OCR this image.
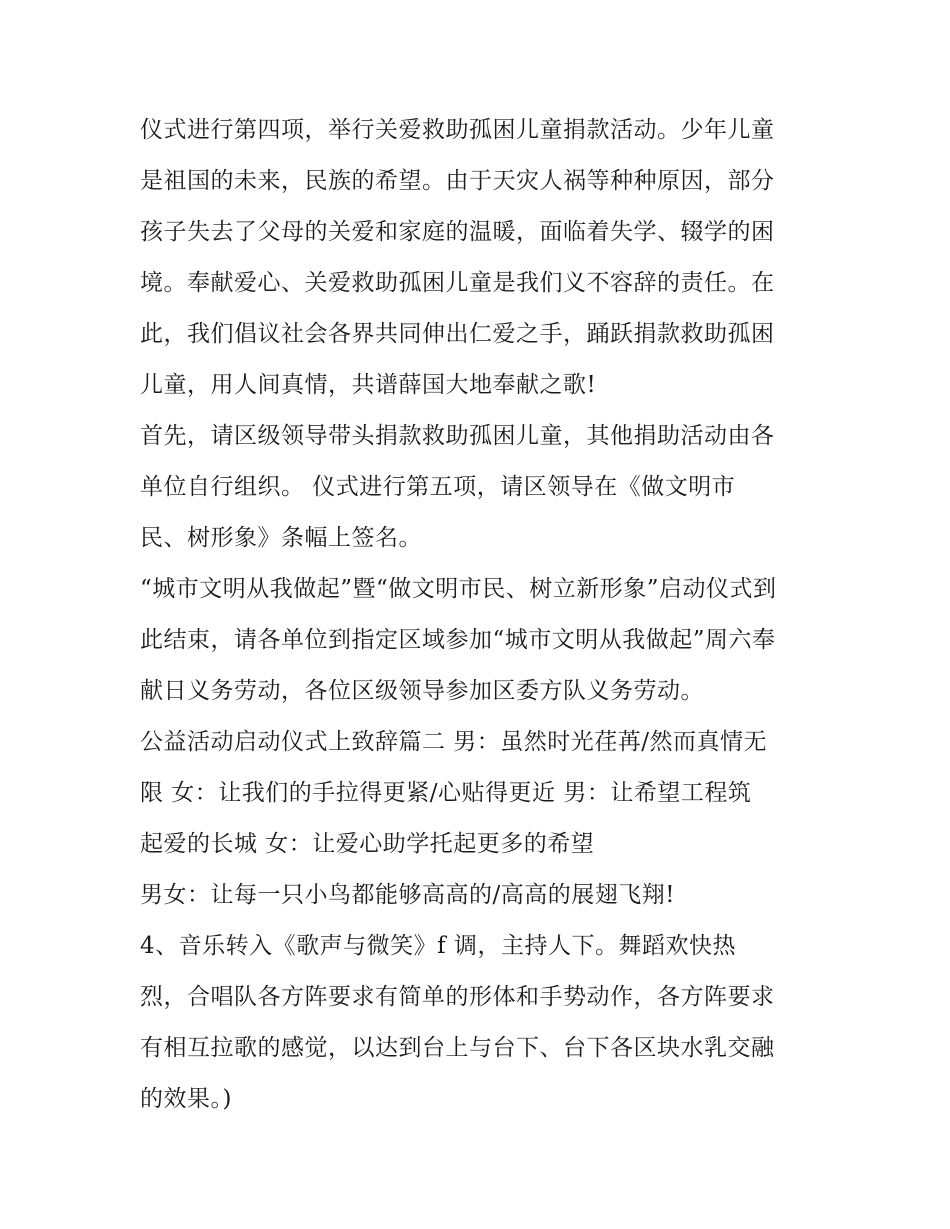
仪式进行第四项，举行关爱救助孤困儿童捐款活动。少年儿童
是祖国的未来，民族的希望。由于天灾人祸等种种原因，部分
孩子失去了父母的关爱和家庭的温暖，面临着失学、辍学的困
境。奉献爱心、关爱救助孤困儿童是我们义不容辞的责任。在
此，我们倡议社会各界共同伸出仁爱之手，踊跃捐款救助孤困
儿童，用人间真情，共谱薛国大地奉献之歌!
首先，请区级领导带头捐款救助孤困儿童，其他捐助活动由各
单位自行组织。 仪式进行第五项，请区领导在《做文明市
民、树形象》条幅上签名。
“城市文明从我做起”暨“做文明市民、树立新形象”启动仪式到
此结束，请各单位到指定区域参加“城市文明从我做起”周六奉
献日义务劳动，各位区级领导参加区委方队义务劳动。
公益活动启动仪式上致辞篇二 男：虽然时光荏苒/然而真情无
限 女：让我们的手拉得更紧/心贴得更近 男：让希望工程筑
起爱的长城 女：让爱心助学托起更多的希望
男女：让每一只小鸟都能够高高的/高高的展翅飞翔!
4、音乐转入《歌声与微笑》f 调，主持人下。舞蹈欢快热
烈，合唱队各方阵要求有简单的形体和手势动作，各方阵要求
有相互拉歌的感觉，以达到台上与台下、台下各区块水乳交融
的效果。)
